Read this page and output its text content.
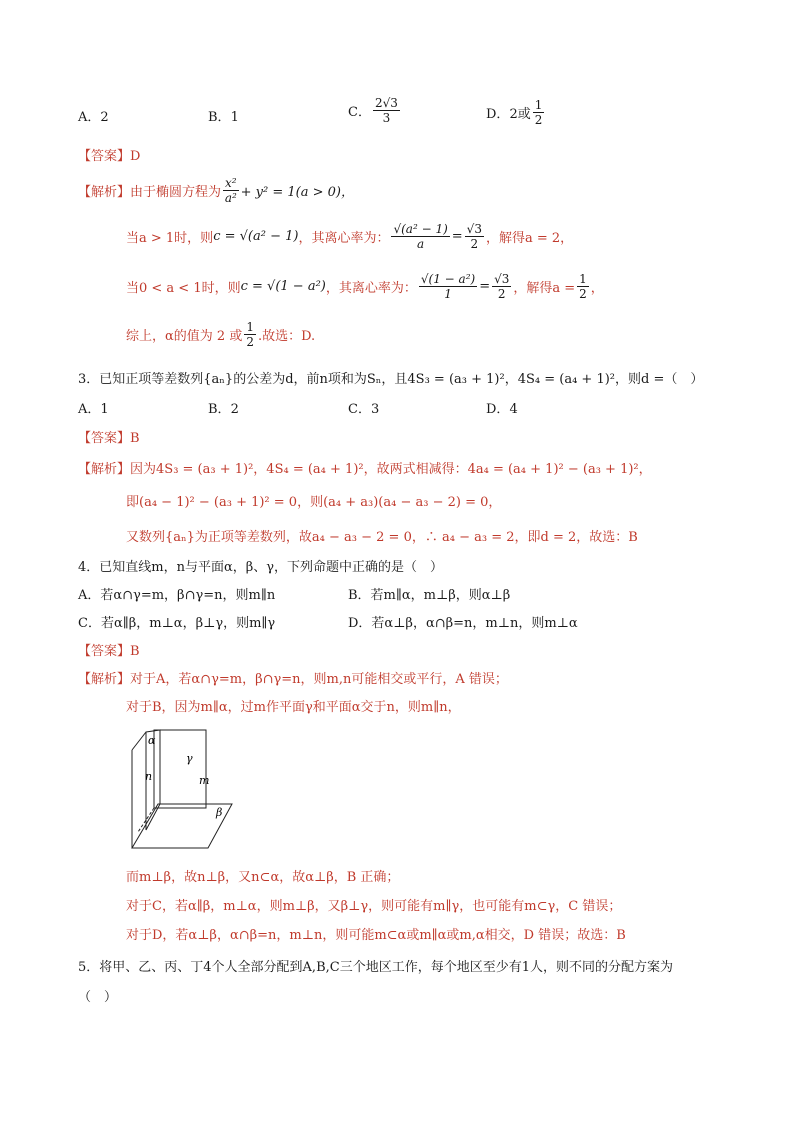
A．2	B．1	C． $\frac{2√3}{3}$	D．2或 $\frac{1}{2}$
【答案】D
【解析】由于椭圆方程为 $\frac{\text{x²}}{\text{a²}} + y^2 = 1(a > 0)$，
当a > 1时，则c = √(a² − 1)，其离心率为： $\frac{\text{√(a² − 1)}}{a} = \frac{√3}{2}$ ，解得a = 2，
当0 < a < 1时，则c = √(1 − a²)，其离心率为： $\frac{\text{√(1 − a²)}}{1} = \frac{√3}{2}$ ，解得$a = \frac{1}{2}$ ，
综上，α的值为 2 或 $\frac{1}{2}$ .故选：D.
3．已知正项等差数列{aₙ}的公差为d，前n项和为Sₙ，且4S₃ = (a₃ + 1)²，4S₄ = (a₄ + 1)²，则d =（　）
A．1	B．2	C．3	D．4
【答案】B
【解析】因为4S₃ = (a₃ + 1)²，4S₄ = (a₄ + 1)²，故两式相减得：4a₄ = (a₄ + 1)² − (a₃ + 1)²，
即(a₄ − 1)² − (a₃ + 1)² = 0，则(a₄ + a₃)(a₄ − a₃ − 2) = 0，
又数列{aₙ}为正项等差数列，故a₄ − a₃ − 2 = 0，∴ a₄ − a₃ = 2，即d = 2，故选：B
4．已知直线m，n与平面α，β、γ，下列命题中正确的是（　）
A．若α∩γ=m，β∩γ=n，则m∥n	B．若m∥α，m⊥β，则α⊥β
C．若α∥β，m⊥α，β⊥γ，则m∥γ	D．若α⊥β，α∩β=n，m⊥n，则m⊥α
【答案】B
【解析】对于A，若α∩γ=m，β∩γ=n，则m,n可能相交或平行，A 错误；
对于B，因为m∥α，过m作平面γ和平面α交于n，则m∥n，
α
γ
n	m
β
而m⊥β，故n⊥β，又n⊂α，故α⊥β，B 正确；
对于C，若α∥β，m⊥α，则m⊥β，又β⊥γ，则可能有m∥γ，也可能有m⊂γ，C 错误；
对于D，若α⊥β，α∩β=n，m⊥n，则可能m⊂α或m∥α或m,α相交，D 错误；故选：B
5．将甲、乙、丙、丁4个人全部分配到A,B,C三个地区工作，每个地区至少有1人，则不同的分配方案为
（　）
